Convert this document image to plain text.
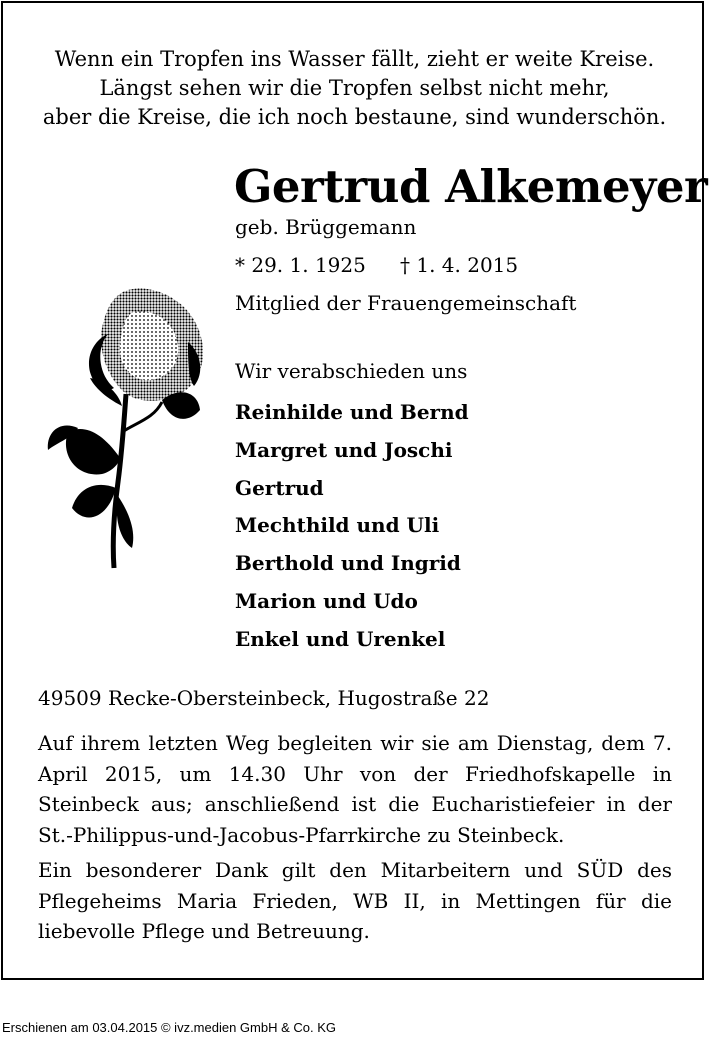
Wenn ein Tropfen ins Wasser fällt, zieht er weite Kreise.
Längst sehen wir die Tropfen selbst nicht mehr,
aber die Kreise, die ich noch bestaune, sind wunderschön.
Gertrud Alkemeyer
geb. Brüggemann
* 29. 1. 1925 † 1. 4. 2015
Mitglied der Frauengemeinschaft
Wir verabschieden uns
Reinhilde und Bernd
Margret und Joschi
Gertrud
Mechthild und Uli
Berthold und Ingrid
Marion und Udo
Enkel und Urenkel
49509 Recke-Obersteinbeck, Hugostraße 22
Auf ihrem letzten Weg begleiten wir sie am Dienstag, dem 7. April 2015, um 14.30 Uhr von der Friedhofskapelle in Steinbeck aus; anschließend ist die Eucharistiefeier in der St.-Philippus-und-Jacobus-Pfarrkirche zu Steinbeck.
Ein besonderer Dank gilt den Mitarbeitern und SÜD des Pflegeheims Maria Frieden, WB II, in Mettingen für die liebevolle Pflege und Betreuung.
Erschienen am 03.04.2015 © ivz.medien GmbH & Co. KG
